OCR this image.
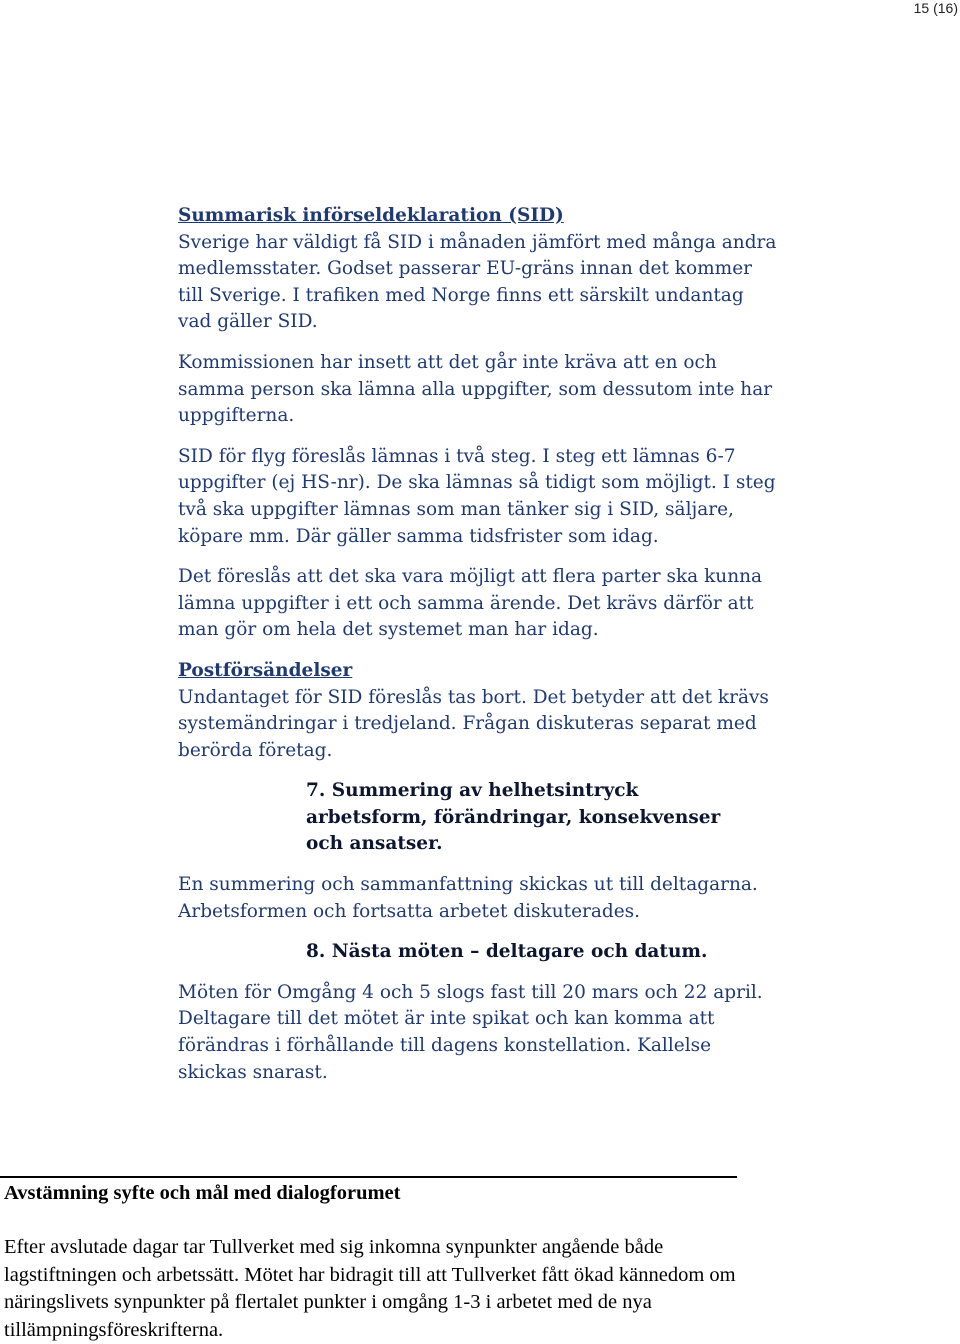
15 (16)

Summarisk införseldeklaration (SID)
Sverige har väldigt få SID i månaden jämfört med många andra medlemsstater. Godset passerar EU-gräns innan det kommer till Sverige. I trafiken med Norge finns ett särskilt undantag vad gäller SID.

Kommissionen har insett att det går inte kräva att en och samma person ska lämna alla uppgifter, som dessutom inte har uppgifterna.

SID för flyg föreslås lämnas i två steg. I steg ett lämnas 6-7 uppgifter (ej HS-nr). De ska lämnas så tidigt som möjligt. I steg två ska uppgifter lämnas som man tänker sig i SID, säljare, köpare mm. Där gäller samma tidsfrister som idag.

Det föreslås att det ska vara möjligt att flera parter ska kunna lämna uppgifter i ett och samma ärende. Det krävs därför att man gör om hela det systemet man har idag.

Postförsändelser
Undantaget för SID föreslås tas bort. Det betyder att det krävs systemändringar i tredjeland. Frågan diskuteras separat med berörda företag.

7. Summering av helhetsintryck arbetsform, förändringar, konsekvenser och ansatser.

En summering och sammanfattning skickas ut till deltagarna. Arbetsformen och fortsatta arbetet diskuterades.

8. Nästa möten – deltagare och datum.

Möten för Omgång 4 och 5 slogs fast till 20 mars och 22 april. Deltagare till det mötet är inte spikat och kan komma att förändras i förhållande till dagens konstellation. Kallelse skickas snarast.

Avstämning syfte och mål med dialogforumet

Efter avslutade dagar tar Tullverket med sig inkomna synpunkter angående både lagstiftningen och arbetssätt. Mötet har bidragit till att Tullverket fått ökad kännedom om näringslivets synpunkter på flertalet punkter i omgång 1-3 i arbetet med de nya tillämpningsföreskrifterna.
